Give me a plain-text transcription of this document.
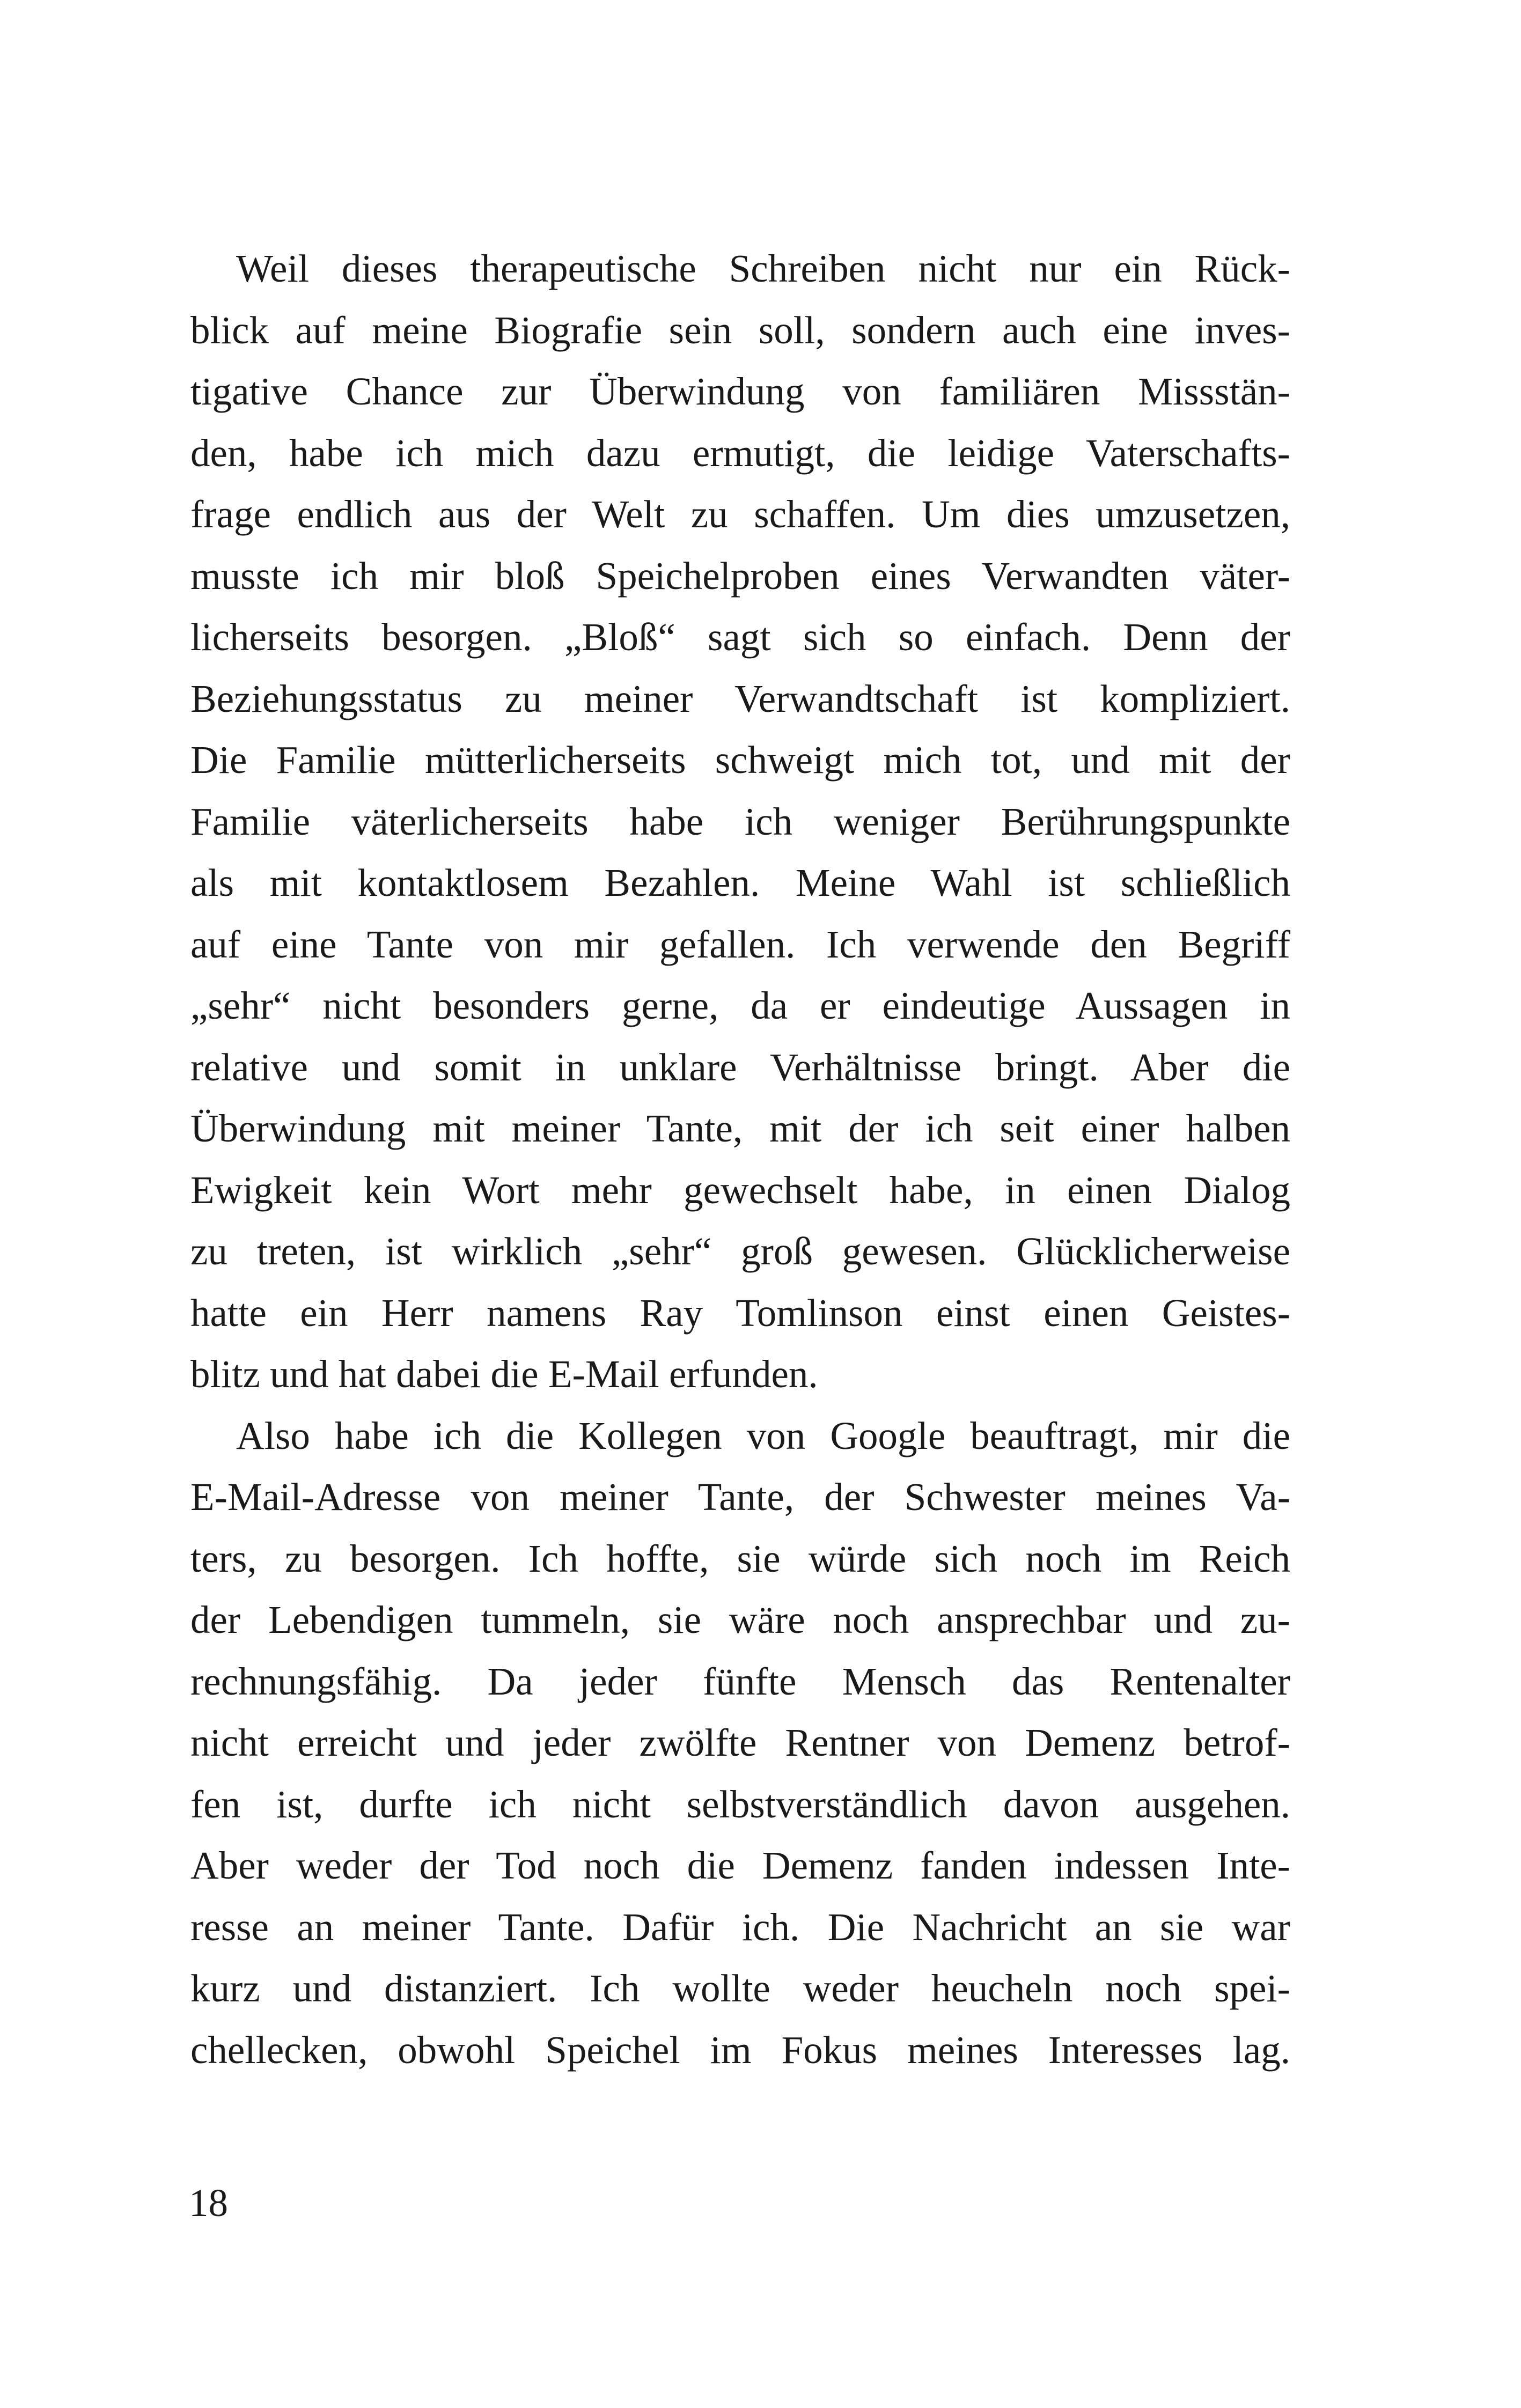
Weil dieses therapeutische Schreiben nicht nur ein Rück-
blick auf meine Biografie sein soll, sondern auch eine inves-
tigative Chance zur Überwindung von familiären Missstän-
den, habe ich mich dazu ermutigt, die leidige Vaterschafts-
frage endlich aus der Welt zu schaffen. Um dies umzusetzen,
musste ich mir bloß Speichelproben eines Verwandten väter-
licherseits besorgen. „Bloß“ sagt sich so einfach. Denn der
Beziehungsstatus zu meiner Verwandtschaft ist kompliziert.
Die Familie mütterlicherseits schweigt mich tot, und mit der
Familie väterlicherseits habe ich weniger Berührungspunkte
als mit kontaktlosem Bezahlen. Meine Wahl ist schließlich
auf eine Tante von mir gefallen. Ich verwende den Begriff
„sehr“ nicht besonders gerne, da er eindeutige Aussagen in
relative und somit in unklare Verhältnisse bringt. Aber die
Überwindung mit meiner Tante, mit der ich seit einer halben
Ewigkeit kein Wort mehr gewechselt habe, in einen Dialog
zu treten, ist wirklich „sehr“ groß gewesen. Glücklicherweise
hatte ein Herr namens Ray Tomlinson einst einen Geistes-
blitz und hat dabei die E-Mail erfunden.
Also habe ich die Kollegen von Google beauftragt, mir die
E-Mail-Adresse von meiner Tante, der Schwester meines Va-
ters, zu besorgen. Ich hoffte, sie würde sich noch im Reich
der Lebendigen tummeln, sie wäre noch ansprechbar und zu-
rechnungsfähig. Da jeder fünfte Mensch das Rentenalter
nicht erreicht und jeder zwölfte Rentner von Demenz betrof-
fen ist, durfte ich nicht selbstverständlich davon ausgehen.
Aber weder der Tod noch die Demenz fanden indessen Inte-
resse an meiner Tante. Dafür ich. Die Nachricht an sie war
kurz und distanziert. Ich wollte weder heucheln noch spei-
chellecken, obwohl Speichel im Fokus meines Interesses lag.
18
